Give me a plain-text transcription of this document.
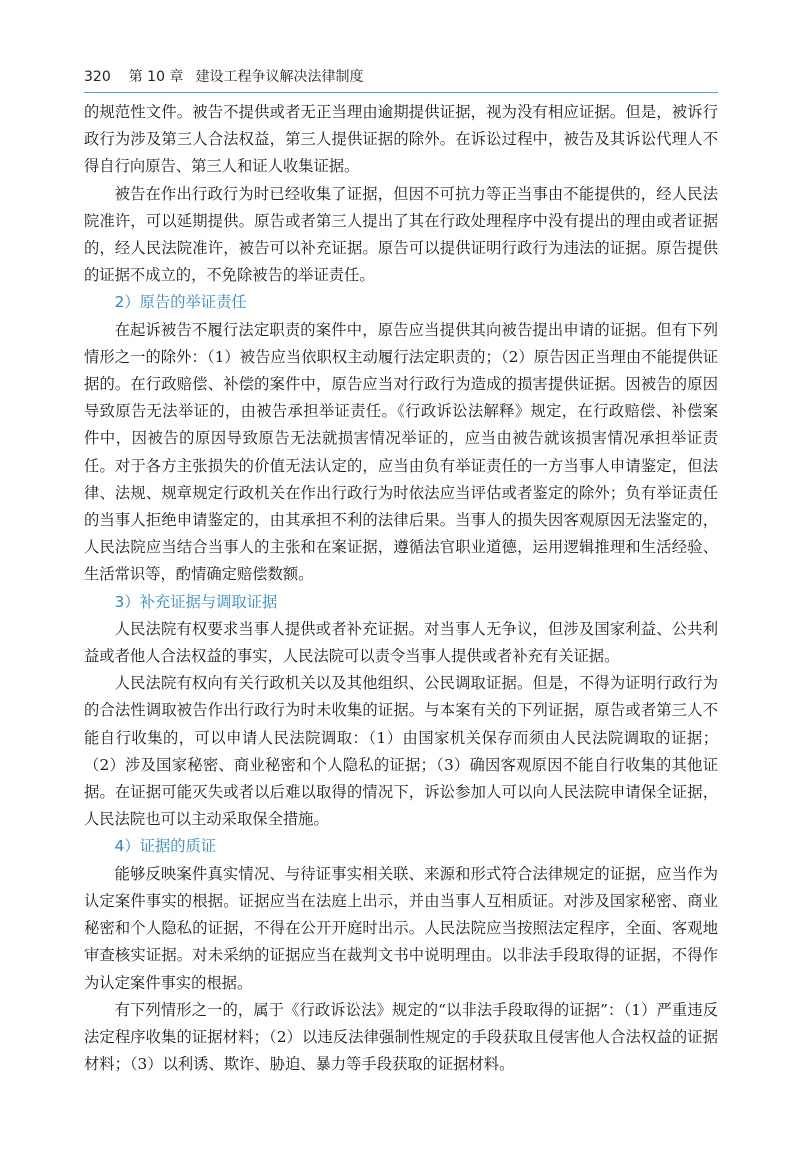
320 第 10 章 建设工程争议解决法律制度

的规范性文件。被告不提供或者无正当理由逾期提供证据，视为没有相应证据。但是，被诉行政行为涉及第三人合法权益，第三人提供证据的除外。在诉讼过程中，被告及其诉讼代理人不得自行向原告、第三人和证人收集证据。

被告在作出行政行为时已经收集了证据，但因不可抗力等正当事由不能提供的，经人民法院准许，可以延期提供。原告或者第三人提出了其在行政处理程序中没有提出的理由或者证据的，经人民法院准许，被告可以补充证据。原告可以提供证明行政行为违法的证据。原告提供的证据不成立的，不免除被告的举证责任。

2）原告的举证责任

在起诉被告不履行法定职责的案件中，原告应当提供其向被告提出申请的证据。但有下列情形之一的除外：（1）被告应当依职权主动履行法定职责的；（2）原告因正当理由不能提供证据的。在行政赔偿、补偿的案件中，原告应当对行政行为造成的损害提供证据。因被告的原因导致原告无法举证的，由被告承担举证责任。《行政诉讼法解释》规定，在行政赔偿、补偿案件中，因被告的原因导致原告无法就损害情况举证的，应当由被告就该损害情况承担举证责任。对于各方主张损失的价值无法认定的，应当由负有举证责任的一方当事人申请鉴定，但法律、法规、规章规定行政机关在作出行政行为时依法应当评估或者鉴定的除外；负有举证责任的当事人拒绝申请鉴定的，由其承担不利的法律后果。当事人的损失因客观原因无法鉴定的，人民法院应当结合当事人的主张和在案证据，遵循法官职业道德，运用逻辑推理和生活经验、生活常识等，酌情确定赔偿数额。

3）补充证据与调取证据

人民法院有权要求当事人提供或者补充证据。对当事人无争议，但涉及国家利益、公共利益或者他人合法权益的事实，人民法院可以责令当事人提供或者补充有关证据。

人民法院有权向有关行政机关以及其他组织、公民调取证据。但是，不得为证明行政行为的合法性调取被告作出行政行为时未收集的证据。与本案有关的下列证据，原告或者第三人不能自行收集的，可以申请人民法院调取：（1）由国家机关保存而须由人民法院调取的证据；（2）涉及国家秘密、商业秘密和个人隐私的证据；（3）确因客观原因不能自行收集的其他证据。在证据可能灭失或者以后难以取得的情况下，诉讼参加人可以向人民法院申请保全证据，人民法院也可以主动采取保全措施。

4）证据的质证

能够反映案件真实情况、与待证事实相关联、来源和形式符合法律规定的证据，应当作为认定案件事实的根据。证据应当在法庭上出示，并由当事人互相质证。对涉及国家秘密、商业秘密和个人隐私的证据，不得在公开开庭时出示。人民法院应当按照法定程序，全面、客观地审查核实证据。对未采纳的证据应当在裁判文书中说明理由。以非法手段取得的证据，不得作为认定案件事实的根据。

有下列情形之一的，属于《行政诉讼法》规定的“以非法手段取得的证据”：（1）严重违反法定程序收集的证据材料；（2）以违反法律强制性规定的手段获取且侵害他人合法权益的证据材料；（3）以利诱、欺诈、胁迫、暴力等手段获取的证据材料。
